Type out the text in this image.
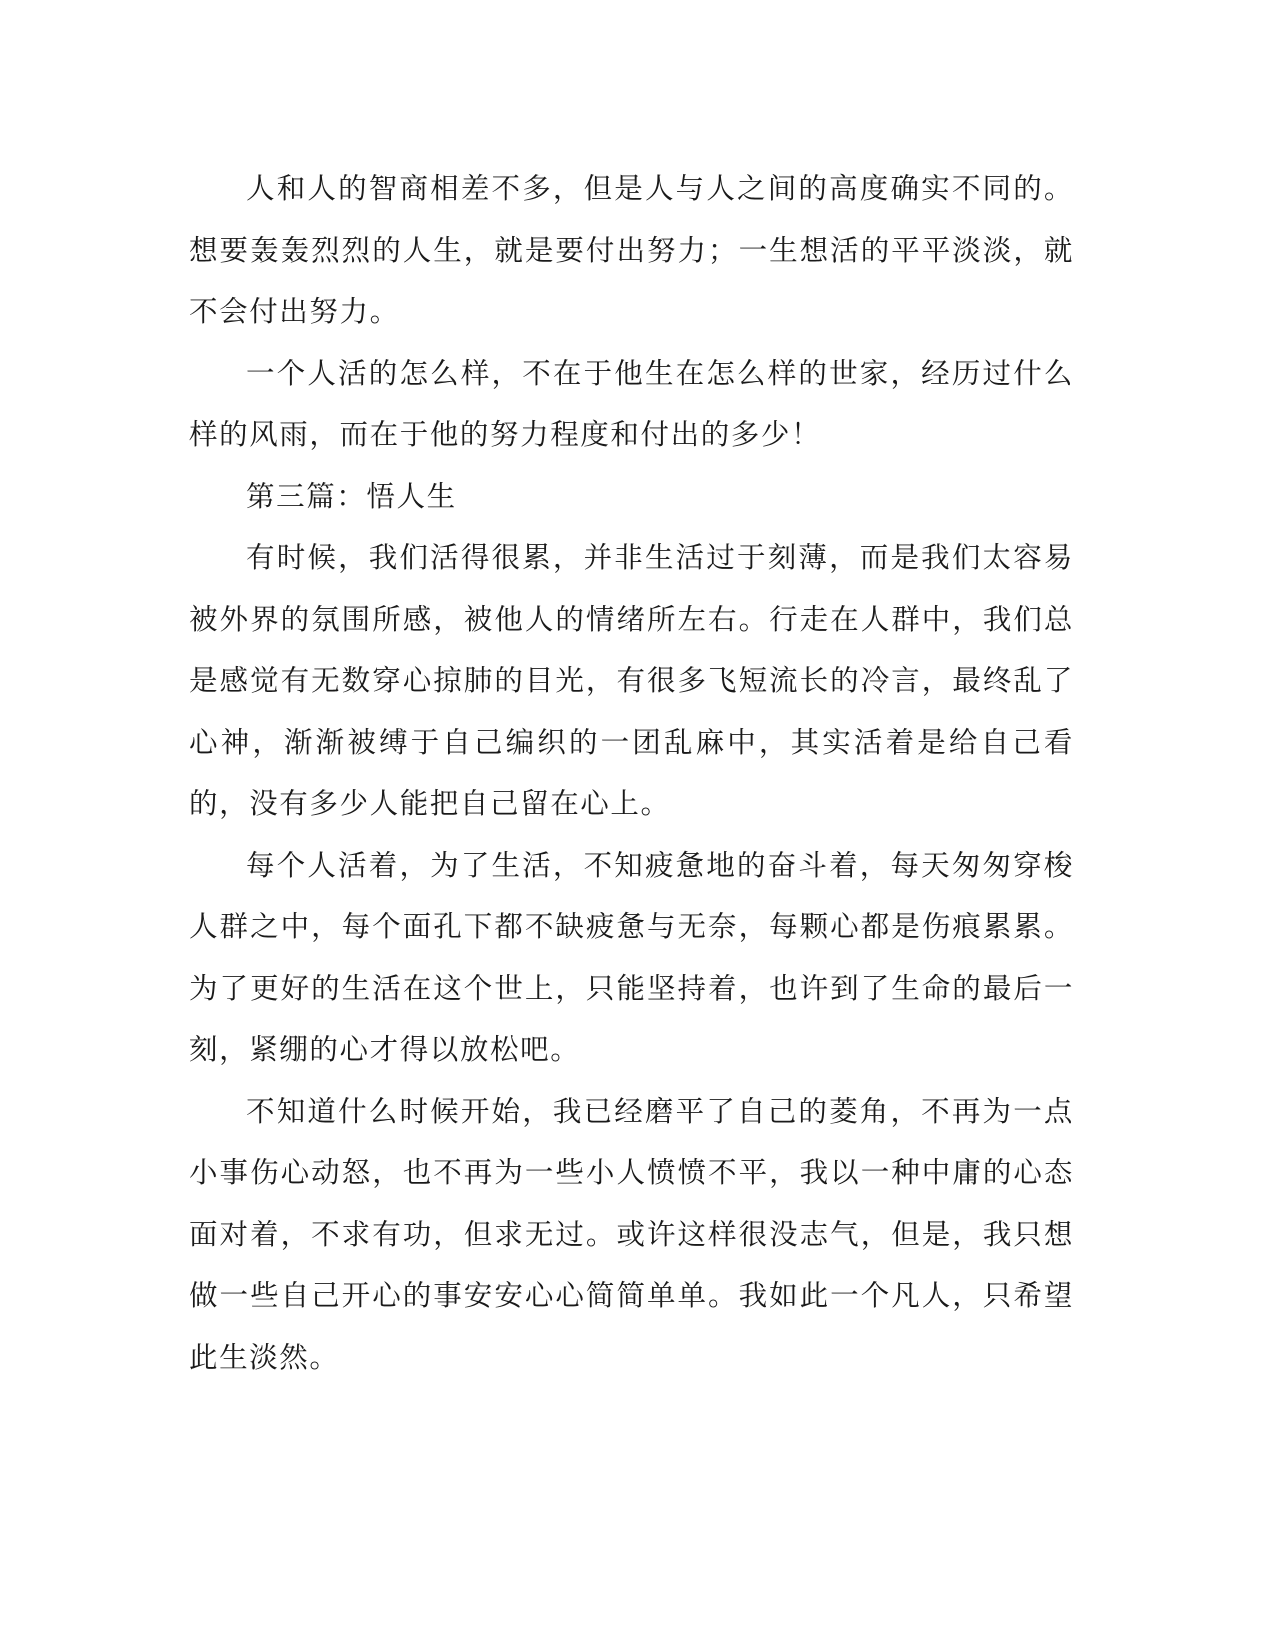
人和人的智商相差不多，但是人与人之间的高度确实不同的。想要轰轰烈烈的人生，就是要付出努力；一生想活的平平淡淡，就不会付出努力。

一个人活的怎么样，不在于他生在怎么样的世家，经历过什么样的风雨，而在于他的努力程度和付出的多少！

第三篇：悟人生

有时候，我们活得很累，并非生活过于刻薄，而是我们太容易被外界的氛围所感，被他人的情绪所左右。行走在人群中，我们总是感觉有无数穿心掠肺的目光，有很多飞短流长的冷言，最终乱了心神，渐渐被缚于自己编织的一团乱麻中，其实活着是给自己看的，没有多少人能把自己留在心上。

每个人活着，为了生活，不知疲惫地的奋斗着，每天匆匆穿梭人群之中，每个面孔下都不缺疲惫与无奈，每颗心都是伤痕累累。为了更好的生活在这个世上，只能坚持着，也许到了生命的最后一刻，紧绷的心才得以放松吧。

不知道什么时候开始，我已经磨平了自己的菱角，不再为一点小事伤心动怒，也不再为一些小人愤愤不平，我以一种中庸的心态面对着，不求有功，但求无过。或许这样很没志气，但是，我只想做一些自己开心的事安安心心简简单单。我如此一个凡人，只希望此生淡然。
